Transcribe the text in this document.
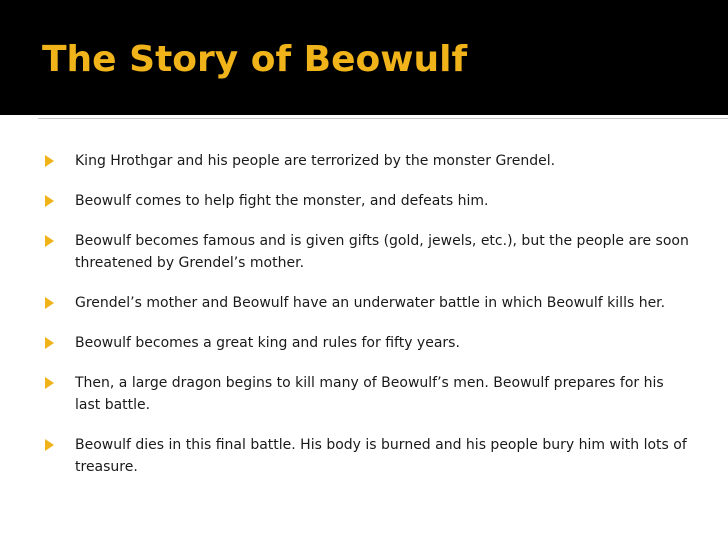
The Story of Beowulf
King Hrothgar and his people are terrorized by the monster Grendel.
Beowulf comes to help fight the monster, and defeats him.
Beowulf becomes famous and is given gifts (gold, jewels, etc.), but the people are soon threatened by Grendel’s mother.
Grendel’s mother and Beowulf have an underwater battle in which Beowulf kills her.
Beowulf becomes a great king and rules for fifty years.
Then, a large dragon begins to kill many of Beowulf’s men. Beowulf prepares for his last battle.
Beowulf dies in this final battle. His body is burned and his people bury him with lots of treasure.
